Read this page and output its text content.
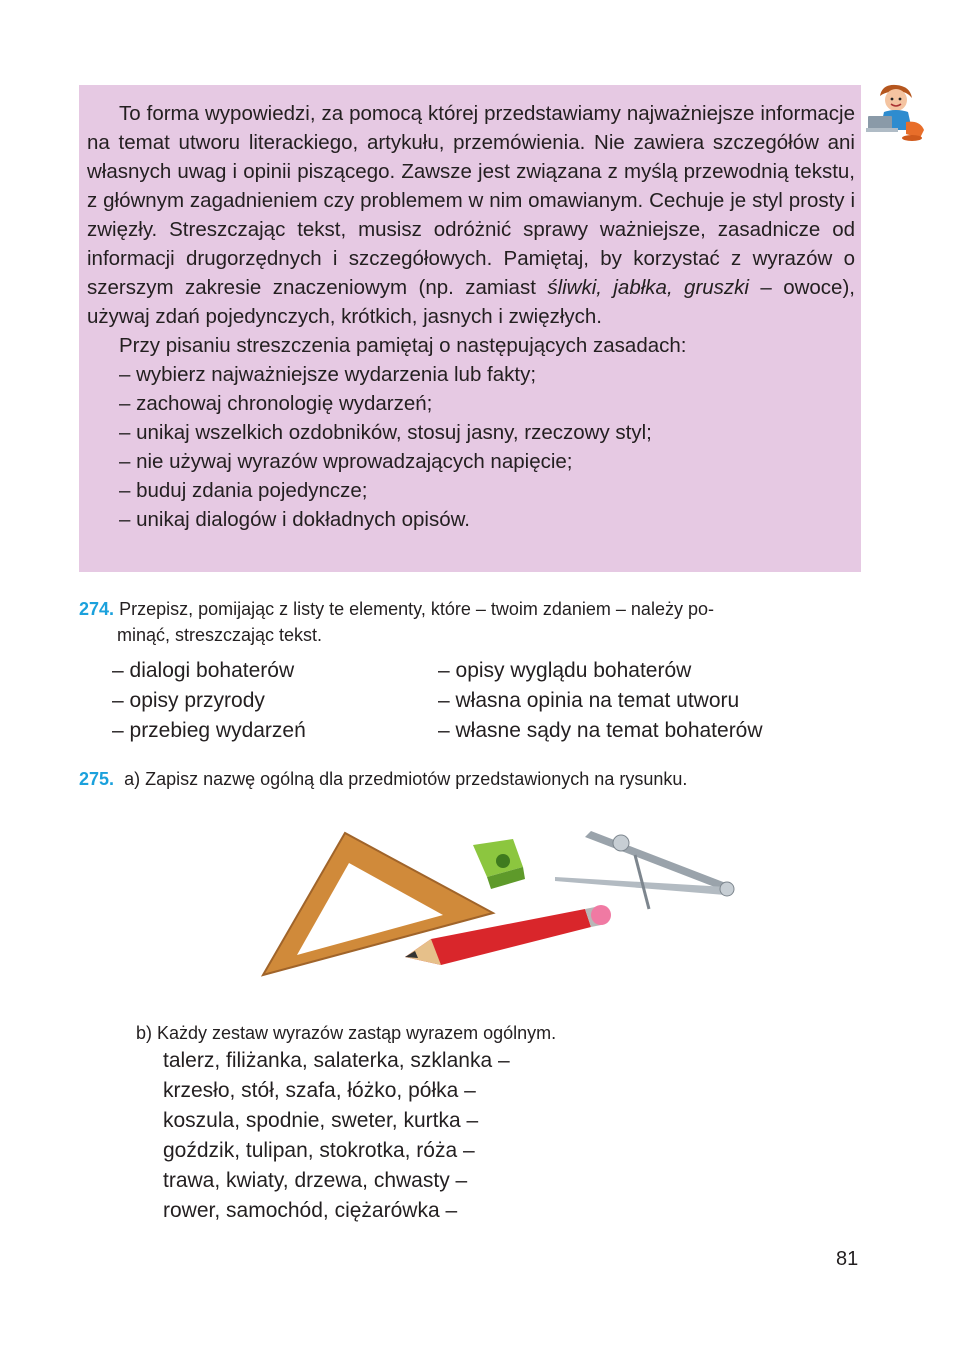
To forma wypowiedzi, za pomocą której przedstawiamy najważniejsze informacje na temat utworu literackiego, artykułu, przemówienia. Nie zawiera szczegółów ani własnych uwag i opinii piszącego. Zawsze jest związana z myślą przewodnią tekstu, z głównym zagadnieniem czy problemem w nim omawianym. Cechuje je styl prosty i zwięzły. Streszczając tekst, musisz odróżnić sprawy ważniejsze, zasadnicze od informacji drugorzędnych i szczegółowych. Pamiętaj, by korzystać z wyrazów o szerszym zakresie znaczeniowym (np. zamiast śliwki, jabłka, gruszki – owoce), używaj zdań pojedynczych, krótkich, jasnych i zwięzłych.

Przy pisaniu streszczenia pamiętaj o następujących zasadach:

– wybierz najważniejsze wydarzenia lub fakty;
– zachowaj chronologię wydarzeń;
– unikaj wszelkich ozdobników, stosuj jasny, rzeczowy styl;
– nie używaj wyrazów wprowadzających napięcie;
– buduj zdania pojedyncze;
– unikaj dialogów i dokładnych opisów.
274. Przepisz, pomijając z listy te elementy, które – twoim zdaniem – należy po-
minąć, streszczając tekst.
– dialogi bohaterów
– opisy przyrody
– przebieg wydarzeń
– opisy wyglądu bohaterów
– własna opinia na temat utworu
– własne sądy na temat bohaterów
275. a) Zapisz nazwę ogólną dla przedmiotów przedstawionych na rysunku.
b) Każdy zestaw wyrazów zastąp wyrazem ogólnym.
talerz, filiżanka, salaterka, szklanka –
krzesło, stół, szafa, łóżko, półka –
koszula, spodnie, sweter, kurtka –
goździk, tulipan, stokrotka, róża –
trawa, kwiaty, drzewa, chwasty –
rower, samochód, ciężarówka –
81
